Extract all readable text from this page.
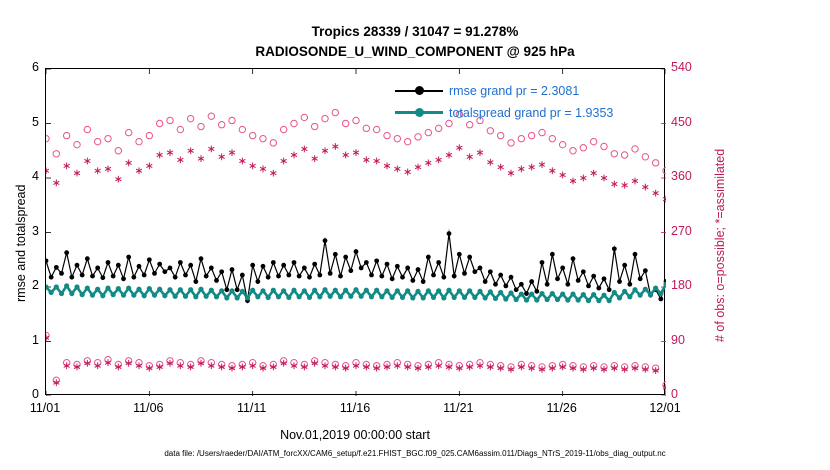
Tropics 28339 / 31047 = 91.278%
RADIOSONDE_U_WIND_COMPONENT @ 925 hPa
rmse and totalspread	# of obs: o=possible; *=assimilated
0
1
2
3
4
5
6
0
90
180
270
360
450
540
11/01	11/06	11/11	11/16	11/21	11/26	12/01
rmse grand pr = 2.3081
totalspread grand pr = 1.9353
Nov.01,2019 00:00:00 start
data file: /Users/raeder/DAI/ATM_forcXX/CAM6_setup/f.e21.FHIST_BGC.f09_025.CAM6assim.011/Diags_NTrS_2019-11/obs_diag_output.nc
